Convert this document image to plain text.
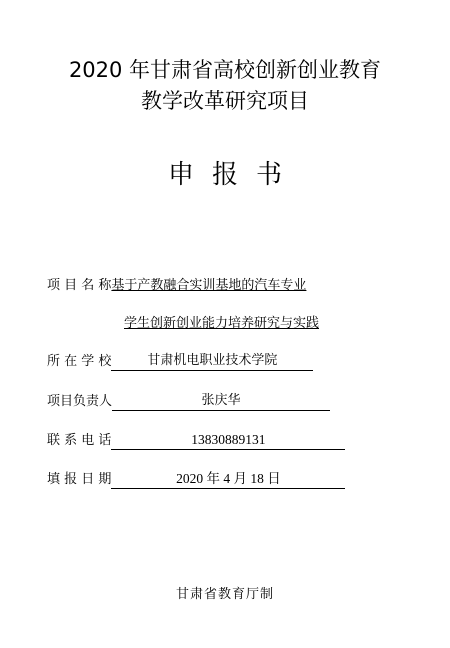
2020 年甘肃省高校创新创业教育
教学改革研究项目
申报书
项 目 名 称基于产教融合实训基地的汽车专业
学生创新创业能力培养研究与实践
所 在 学 校	甘肃机电职业技术学院
项目负责人	张庆华
联 系 电 话	13830889131
填 报 日 期	2020 年 4 月 18 日
甘肃省教育厅制
